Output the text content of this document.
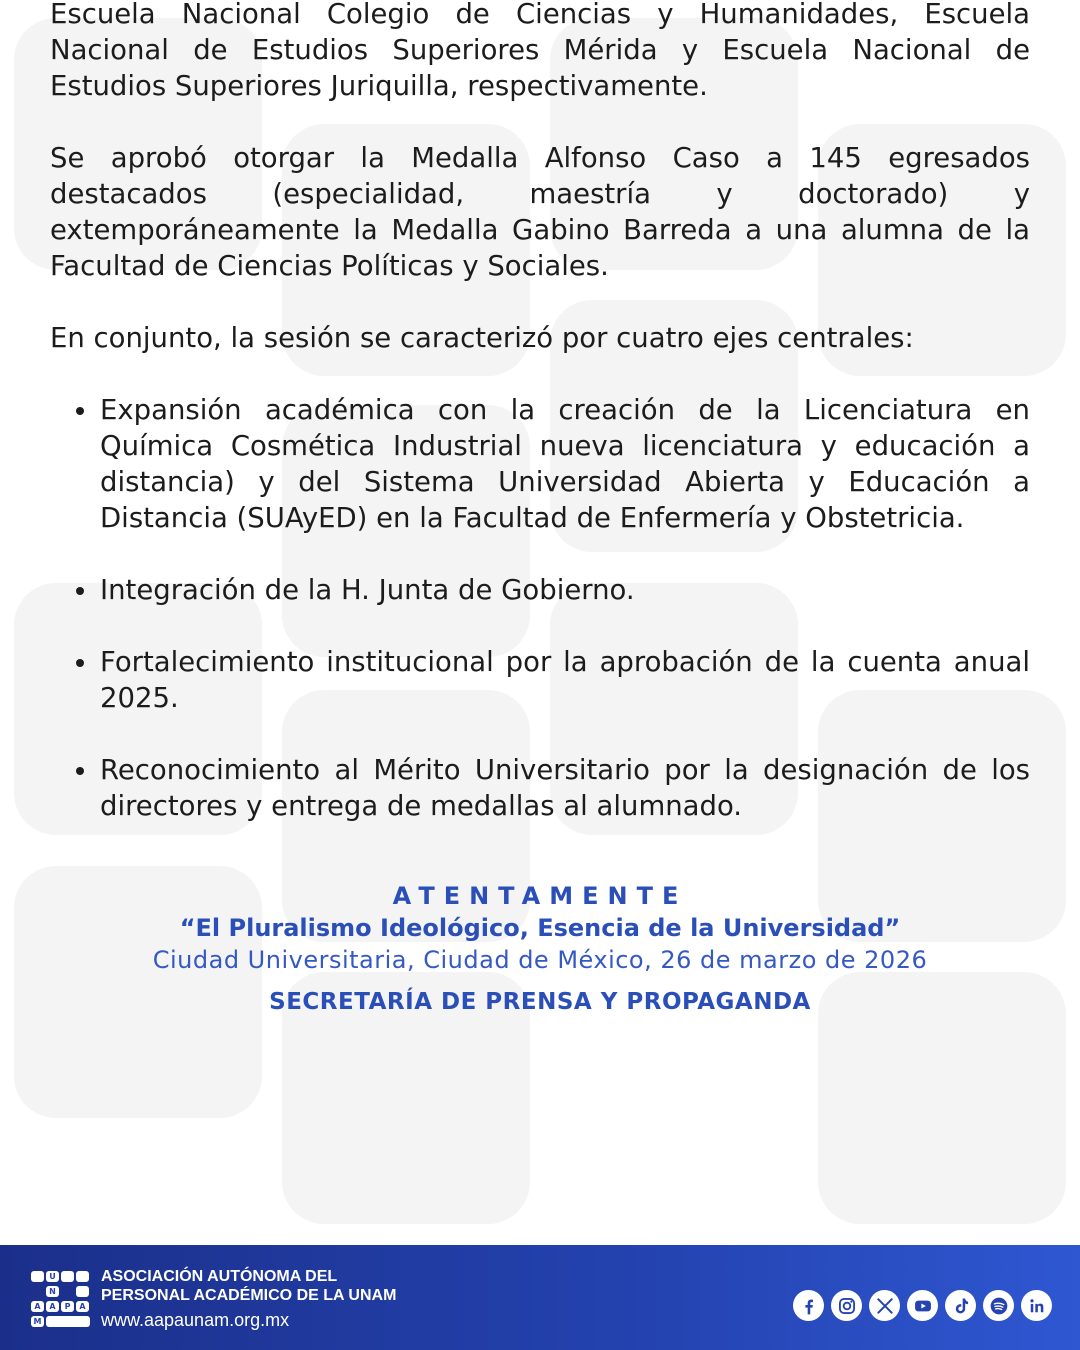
Escuela Nacional Colegio de Ciencias y Humanidades, Escuela Nacional de Estudios Superiores Mérida y Escuela Nacional de Estudios Superiores Juriquilla, respectivamente.

Se aprobó otorgar la Medalla Alfonso Caso a 145 egresados destacados (especialidad, maestría y doctorado) y extemporáneamente la Medalla Gabino Barreda a una alumna de la Facultad de Ciencias Políticas y Sociales.

En conjunto, la sesión se caracterizó por cuatro ejes centrales:

Expansión académica con la creación de la Licenciatura en Química Cosmética Industrial nueva licenciatura y educación a distancia) y del Sistema Universidad Abierta y Educación a Distancia (SUAyED) en la Facultad de Enfermería y Obstetricia.
Integración de la H. Junta de Gobierno.
Fortalecimiento institucional por la aprobación de la cuenta anual 2025.
Reconocimiento al Mérito Universitario por la designación de los directores y entrega de medallas al alumnado.
ATENTAMENTE
“El Pluralismo Ideológico, Esencia de la Universidad”
Ciudad Universitaria, Ciudad de México, 26 de marzo de 2026
SECRETARÍA DE PRENSA Y PROPAGANDA
U
N
A	A	P	A
M
ASOCIACIÓN AUTÓNOMA DEL
PERSONAL ACADÉMICO DE LA UNAM
www.aapaunam.org.mx
